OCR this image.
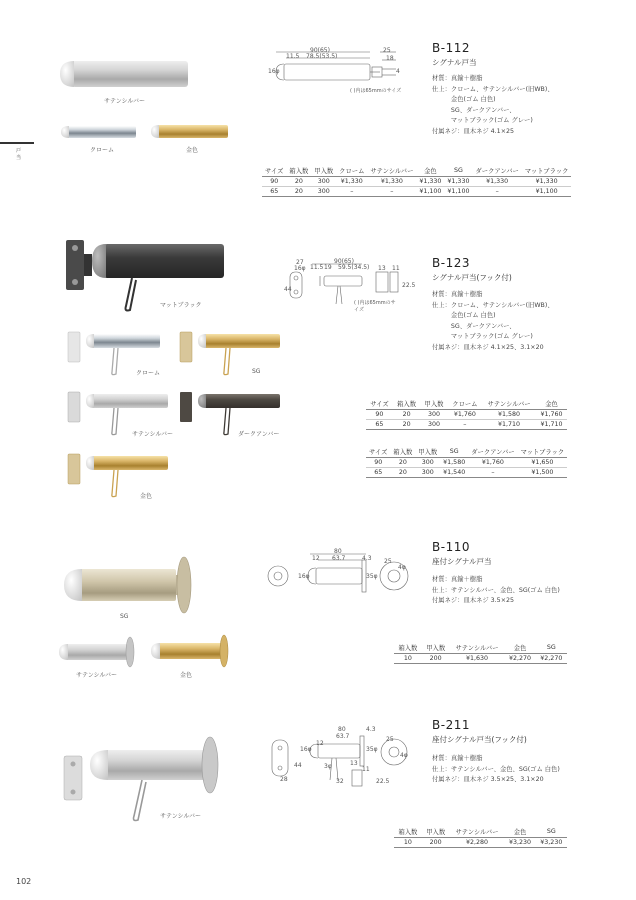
戸当
サテンシルバー
クローム	金色
90(65)
78.5(53.5)
11.5
25
18
16φ	4
( )内は65mmのサイズ
B-112
シグナル戸当
材質：真鍮＋樹脂
仕上：クローム、サテンシルバー(旧WB)、
　　　金色(ゴム 白色)
　　　SG、ダークアンバー、
　　　マットブラック(ゴム グレー)
付属ネジ：皿木ネジ 4.1×25
サイズ	箱入数	甲入数	クローム	サテンシルバー	金色	SG	ダークアンバー	マットブラック
90	20	300	¥1,330	¥1,330	¥1,330	¥1,330	¥1,330	¥1,330
65	20	300	–	–	¥1,100	¥1,100	–	¥1,100
マットブラック
クローム	SG
サテンシルバー	ダークアンバー
金色
90(65)
19 59.5(34.5)
11.5
27
16φ
44
13 11
22.5
( )内は65mmのサイズ
B-123
シグナル戸当(フック付)
材質：真鍮＋樹脂
仕上：クローム、サテンシルバー(旧WB)、
　　　金色(ゴム 白色)
　　　SG、ダークアンバー、
　　　マットブラック(ゴム グレー)
付属ネジ：皿木ネジ 4.1×25、3.1×20
サイズ	箱入数	甲入数	クローム	サテンシルバー	金色
90	20	300	¥1,760	¥1,580	¥1,760
65	20	300	–	¥1,710	¥1,710
サイズ	箱入数	甲入数	SG	ダークアンバー	マットブラック
90	20	300	¥1,580	¥1,760	¥1,650
65	20	300	¥1,540	–	¥1,500
SG
サテンシルバー	金色
80
63.7
12	4.3
16φ	35φ
25
4φ
B-110
座付シグナル戸当
材質：真鍮＋樹脂
仕上：サテンシルバー、金色、SG(ゴム 白色)
付属ネジ：皿木ネジ 3.5×25
箱入数	甲入数	サテンシルバー	金色	SG
10	200	¥1,630	¥2,270	¥2,270
サテンシルバー
80
63.7
12
4.3
16φ	35φ
25
4φ
44
28
3φ
32
13
11
22.5
B-211
座付シグナル戸当(フック付)
材質：真鍮＋樹脂
仕上：サテンシルバー、金色、SG(ゴム 白色)
付属ネジ：皿木ネジ 3.5×25、3.1×20
箱入数	甲入数	サテンシルバー	金色	SG
10	200	¥2,280	¥3,230	¥3,230
102
